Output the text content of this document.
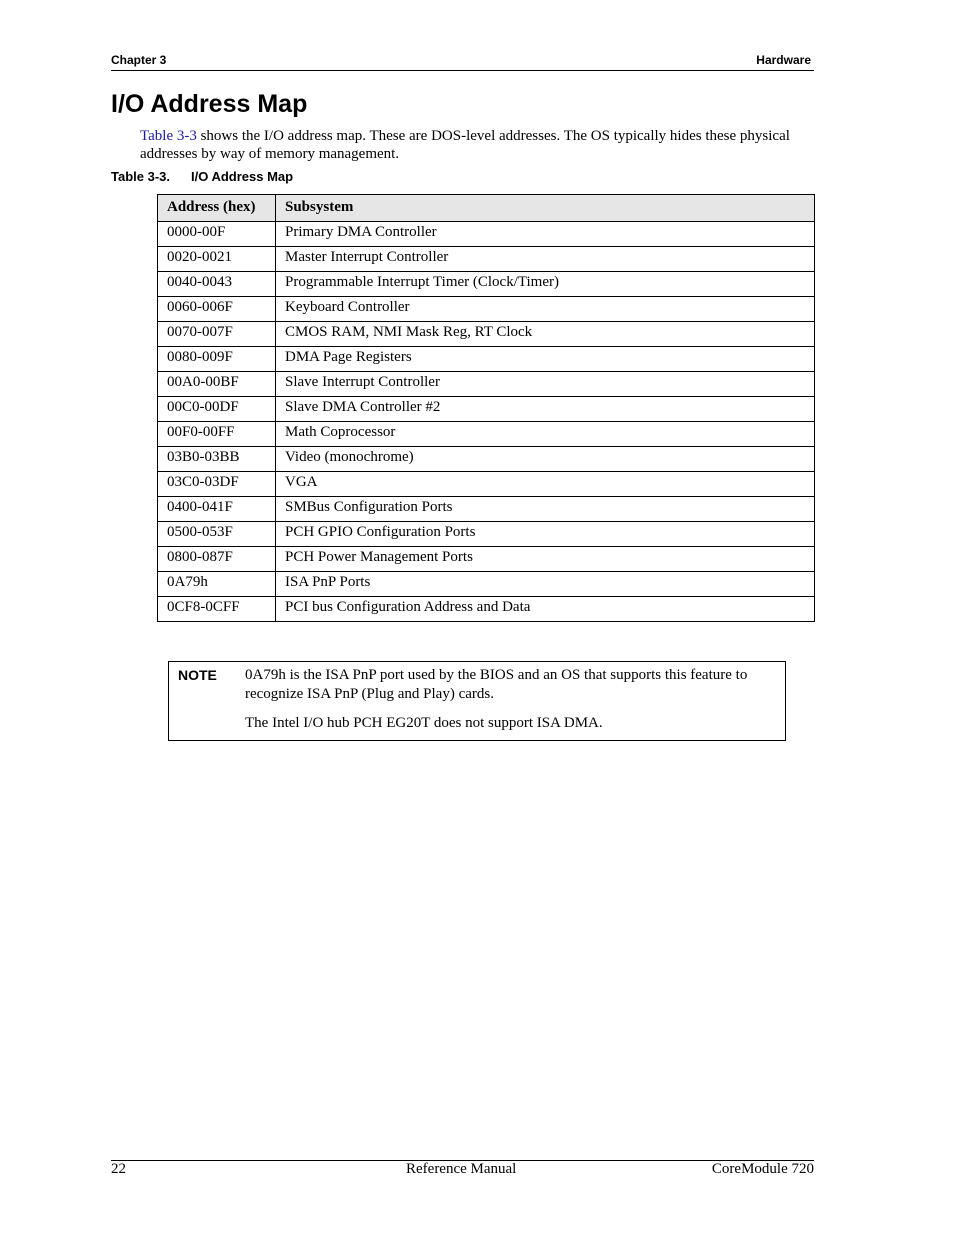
Chapter 3	Hardware
I/O Address Map
Table 3-3 shows the I/O address map. These are DOS-level addresses. The OS typically hides these physical addresses by way of memory management.
Table 3-3. I/O Address Map
Address (hex)	Subsystem
0000-00F	Primary DMA Controller
0020-0021	Master Interrupt Controller
0040-0043	Programmable Interrupt Timer (Clock/Timer)
0060-006F	Keyboard Controller
0070-007F	CMOS RAM, NMI Mask Reg, RT Clock
0080-009F	DMA Page Registers
00A0-00BF	Slave Interrupt Controller
00C0-00DF	Slave DMA Controller #2
00F0-00FF	Math Coprocessor
03B0-03BB	Video (monochrome)
03C0-03DF	VGA
0400-041F	SMBus Configuration Ports
0500-053F	PCH GPIO Configuration Ports
0800-087F	PCH Power Management Ports
0A79h	ISA PnP Ports
0CF8-0CFF	PCI bus Configuration Address and Data
NOTE 0A79h is the ISA PnP port used by the BIOS and an OS that supports this feature to recognize ISA PnP (Plug and Play) cards.
The Intel I/O hub PCH EG20T does not support ISA DMA.
22	Reference Manual	CoreModule 720
